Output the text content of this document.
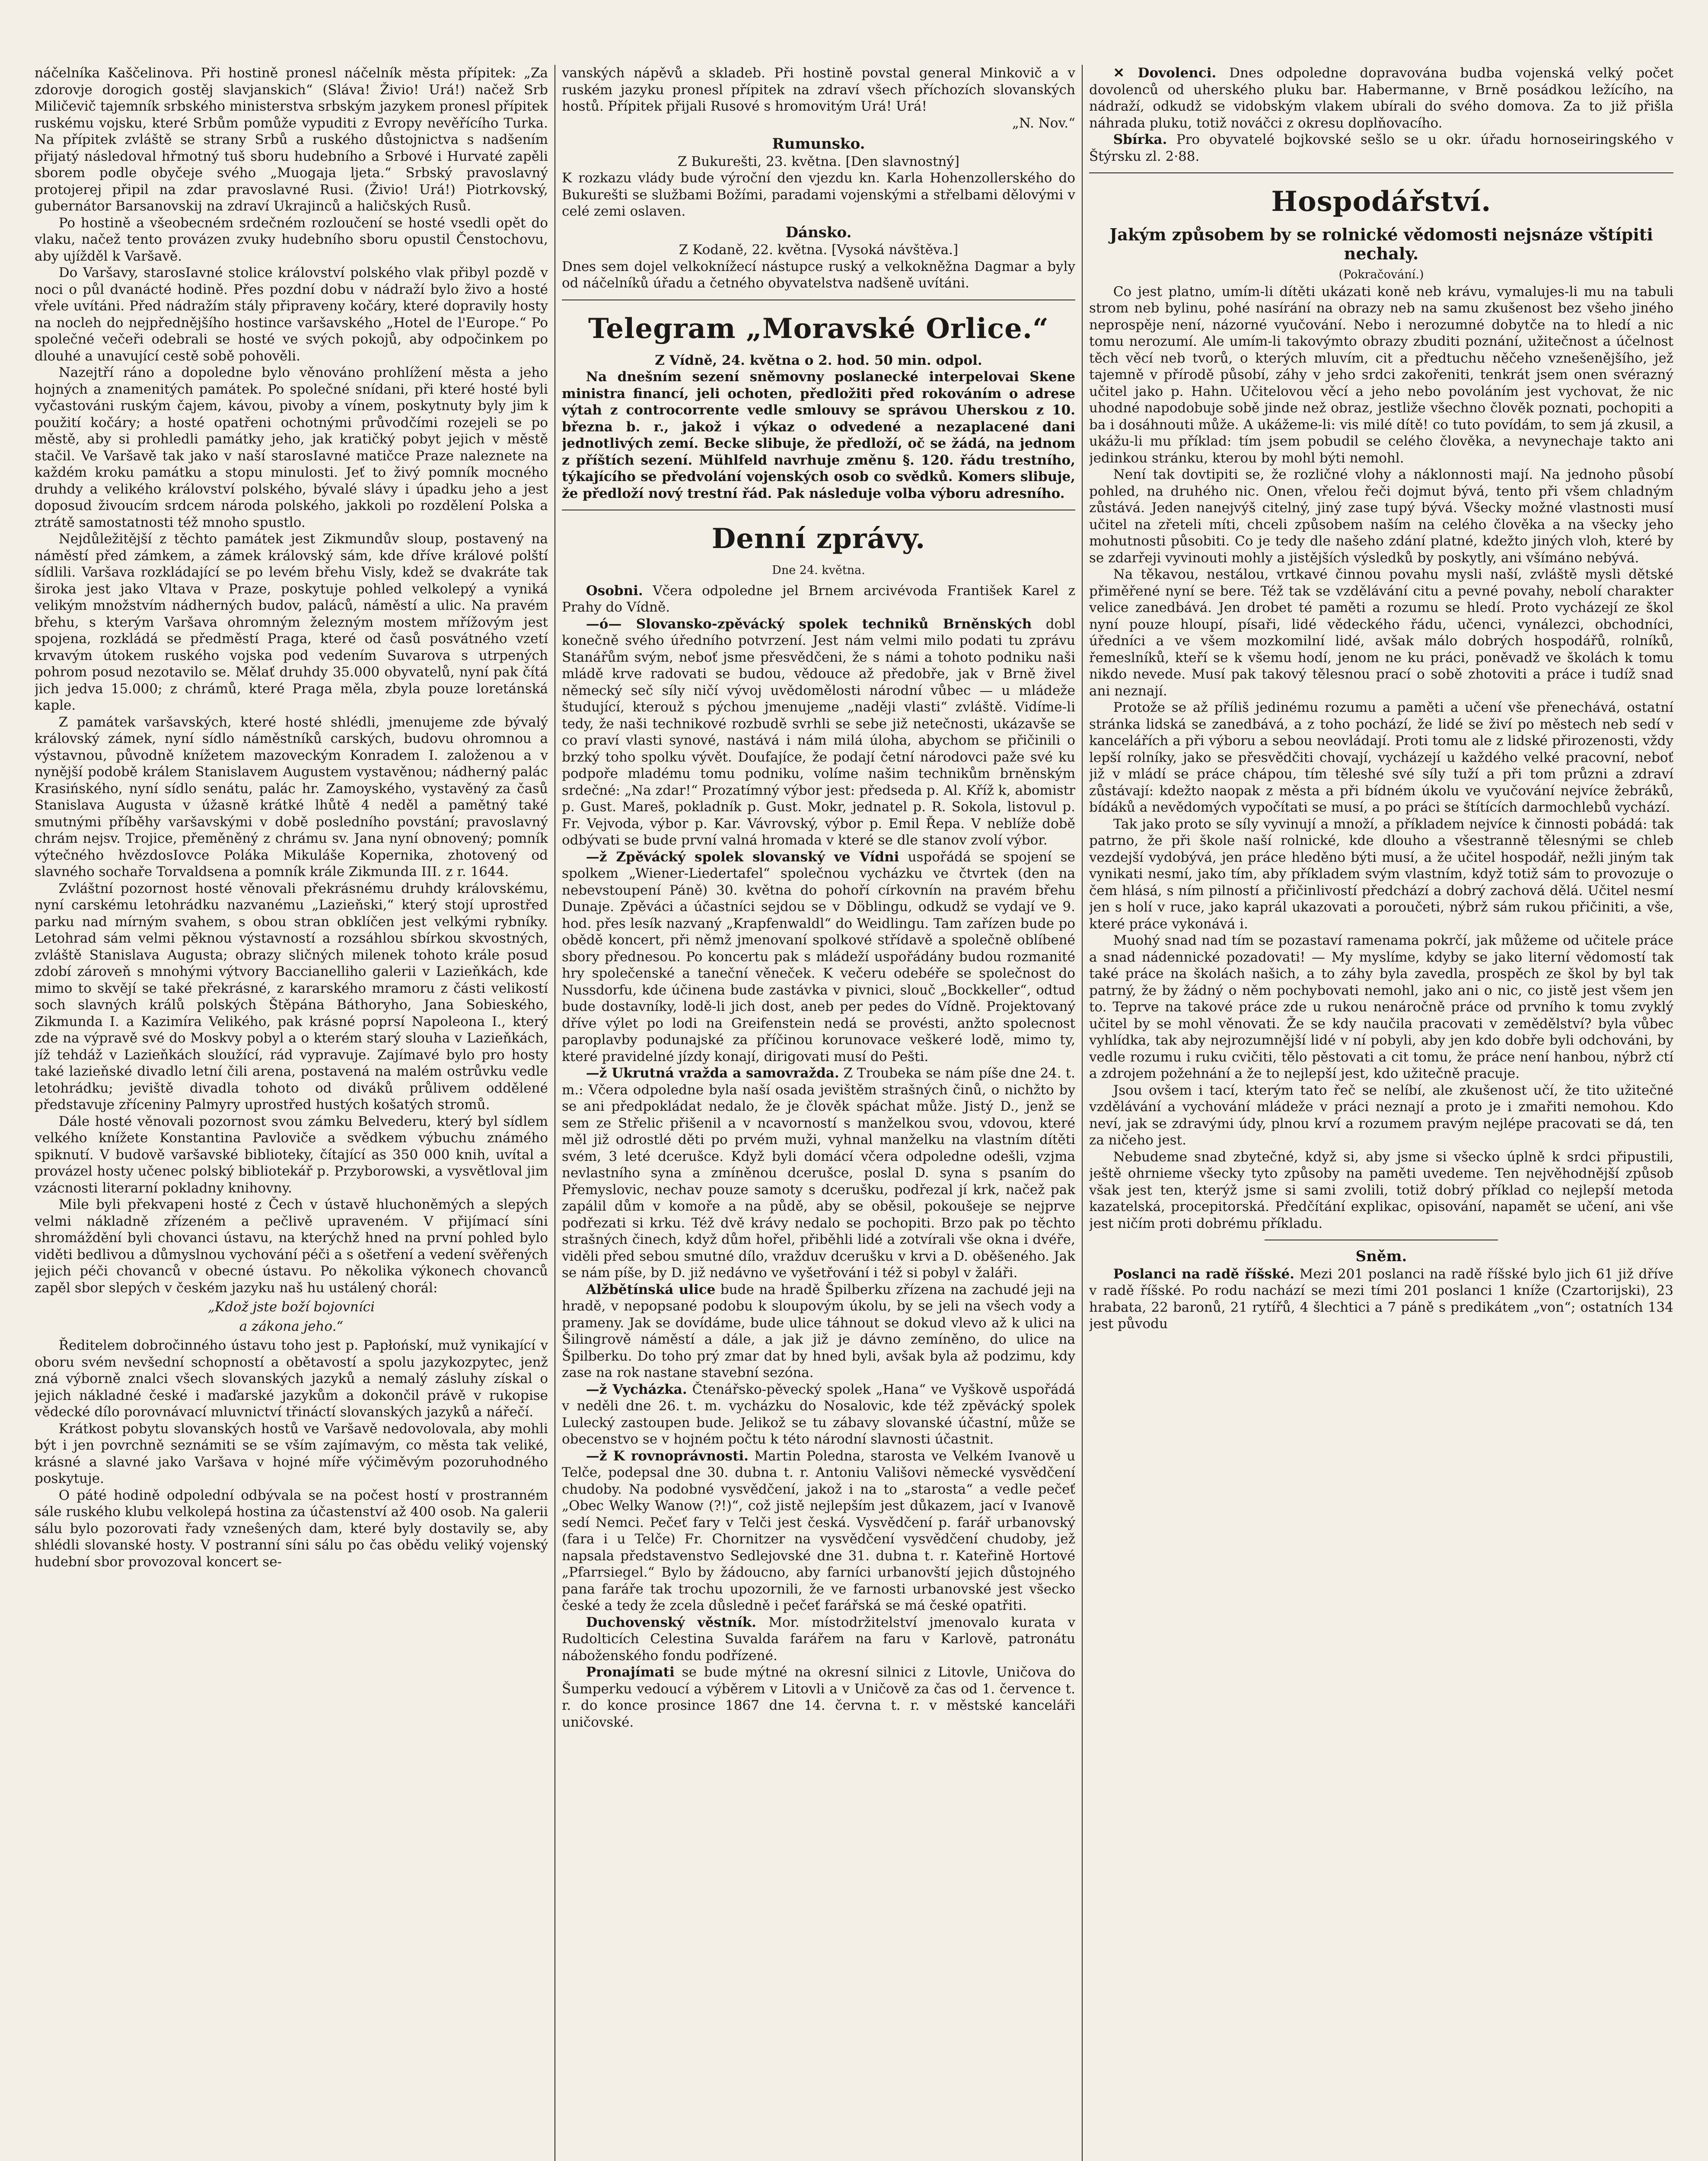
náčelníka Kaščelinova. Při hostině pronesl náčelník města přípitek: „Za zdorovje dorogich gostěj slavjanskich“ (Sláva! Živio! Urá!) načež Srb Miličevič tajemník srbského ministerstva srbským jazykem pronesl přípitek ruskému vojsku, které Srbům pomůže vypuditi z Evropy nevěřícího Turka. Na přípitek zvláště se strany Srbů a ruského důstojnictva s nadšením přijatý následoval hřmotný tuš sboru hudebního a Srbové i Hurvaté zapěli sborem podle obyčeje svého „Muogaja ljeta.“ Srbský pravoslavný protojerej připil na zdar pravoslavné Rusi. (Živio! Urá!) Piotrkovský, gubernátor Barsanovskij na zdraví Ukrajinců a haličských Rusů.

Po hostině a všeobecném srdečném rozloučení se hosté vsedli opět do vlaku, načež tento provázen zvuky hudebního sboru opustil Čenstochovu, aby ujížděl k Varšavě.

Do Varšavy, starosIavné stolice království polského vlak přibyl pozdě v noci o půl dvanácté hodině. Přes pozdní dobu v nádraží bylo živo a hosté vřele uvítáni. Před nádražím stály připraveny kočáry, které dopravily hosty na nocleh do nejpřednějšího hostince varšavského „Hotel de l'Europe.“ Po společné večeři odebrali se hosté ve svých pokojů, aby odpočinkem po dlouhé a unavující cestě sobě pohověli.

Nazejtří ráno a dopoledne bylo věnováno prohlížení města a jeho hojných a znamenitých památek. Po společné snídani, při které hosté byli vyčastováni ruským čajem, kávou, pivoby a vínem, poskytnuty byly jim k použití kočáry; a hosté opatřeni ochotnými průvodčími rozejeli se po městě, aby si prohledli památky jeho, jak kratičký pobyt jejich v městě stačil. Ve Varšavě tak jako v naší starosIavné matičce Praze naleznete na každém kroku památku a stopu minulosti. Jeť to živý pomník mocného druhdy a velikého království polského, bývalé slávy i úpadku jeho a jest doposud živoucím srdcem národa polského, jakkoli po rozdělení Polska a ztrátě samostatnosti též mnoho spustlo.

Nejdůležitější z těchto památek jest Zikmundův sloup, postavený na náměstí před zámkem, a zámek královský sám, kde dříve králové polští sídlili. Varšava rozkládající se po levém břehu Visly, kdež se dvakráte tak široka jest jako Vltava v Praze, poskytuje pohled velkolepý a vyniká velikým množstvím nádherných budov, paláců, náměstí a ulic. Na pravém břehu, s kterým Varšava ohromným železným mostem mřížovým jest spojena, rozkládá se předměstí Praga, které od časů posvátného vzetí krvavým útokem ruského vojska pod vedením Suvarova s utrpených pohrom posud nezotavilo se. Mělať druhdy 35.000 obyvatelů, nyní pak čítá jich jedva 15.000; z chrámů, které Praga měla, zbyla pouze loretánská kaple.

Z památek varšavských, které hosté shlédli, jmenujeme zde bývalý královský zámek, nyní sídlo náměstníků carských, budovu ohromnou a výstavnou, původně knížetem mazoveckým Konradem I. založenou a v nynější podobě králem Stanislavem Augustem vystavěnou; nádherný palác Krasińského, nyní sídlo senátu, palác hr. Zamoyského, vystavěný za časů Stanislava Augusta v úžasně krátké lhůtě 4 neděl a pamětný také smutnými příběhy varšavskými v době posledního povstání; pravoslavný chrám nejsv. Trojice, přeměněný z chrámu sv. Jana nyní obnovený; pomník výtečného hvězdosIovce Poláka Mikuláše Kopernika, zhotovený od slavného sochaře Torvaldsena a pomník krále Zikmunda III. z r. 1644.

Zvláštní pozornost hosté věnovali překrásnému druhdy královskému, nyní carskému letohrádku nazvanému „Lazieňski,“ který stojí uprostřed parku nad mírným svahem, s obou stran obklíčen jest velkými rybníky. Letohrad sám velmi pěknou výstavností a rozsáhlou sbírkou skvostných, zvláště Stanislava Augusta; obrazy sličných milenek tohoto krále posud zdobí zároveň s mnohými výtvory Baccianelliho galerii v Lazieňkách, kde mimo to skvějí se také překrásné, z kararského mramoru z části velikostí soch slavných králů polských Štěpána Báthoryho, Jana Sobieského, Zikmunda I. a Kazimíra Velikého, pak krásné poprsí Napoleona I., který zde na výpravě své do Moskvy pobyl a o kterém starý slouha v Lazieňkách, jíž tehdáž v Lazieňkách sloužící, rád vypravuje. Zajímavé bylo pro hosty také lazieňské divadlo letní čili arena, postavená na malém ostrůvku vedle letohrádku; jeviště divadla tohoto od diváků průlivem oddělené představuje zříceniny Palmyry uprostřed hustých košatých stromů.

Dále hosté věnovali pozornost svou zámku Belvederu, který byl sídlem velkého knížete Konstantina Pavloviče a svědkem výbuchu známého spiknutí. V budově varšavské biblioteky, čítající as 350 000 knih, uvítal a provázel hosty učenec polský bibliotekář p. Przyborowski, a vysvětloval jim vzácnosti literarní pokladny knihovny.

Mile byli překvapeni hosté z Čech v ústavě hluchoněmých a slepých velmi nákladně zřízeném a pečlivě upraveném. V přijímací síni shromáždění byli chovanci ústavu, na kterýchž hned na první pohled bylo viděti bedlivou a důmyslnou vychování péči a s ošetření a vedení svěřených jejich péči chovanců v obecné ústavu. Po několika výkonech chovanců zapěl sbor slepých v českém jazyku naš hu ustálený chorál:

„Kdož jste boží bojovníci
a zákona jeho.“

Ředitelem dobročinného ústavu toho jest p. Papłońskí, muž vynikající v oboru svém nevšední schopností a obětavostí a spolu jazykozpytec, jenž zná výborně znalci všech slovanských jazyků a nemalý zásluhy získal o jejich nákladné české i maďarské jazykům a dokončil právě v rukopise vědecké dílo porovnávací mluvnictví třináctí slovanských jazyků a nářečí.

Krátkost pobytu slovanských hostů ve Varšavě nedovolovala, aby mohli být i jen povrchně seznámiti se se vším zajímavým, co města tak veliké, krásné a slavné jako Varšava v hojné míře výčiměvým pozoruhodného poskytuje.

O páté hodině odpolední odbývala se na počest hostí v prostranném sále ruského klubu velkolepá hostina za účastenství až 400 osob. Na galerii sálu bylo pozorovati řady vzneŝených dam, které byly dostavily se, aby shlédli slovanské hosty. V postranní síni sálu po čas obědu veliký vojenský hudební sbor provozoval koncert se-

vanských nápěvů a skladeb. Při hostině povstal general Minkovič a v ruském jazyku pronesl přípitek na zdraví všech příchozích slovanských hostů. Přípitek přijali Rusové s hromovitým Urá! Urá!

„N. Nov.“
Rumunsko.
Z Bukurešti, 23. května. [Den slavnostný]

K rozkazu vlády bude výroční den vjezdu kn. Karla Hohenzollerského do Bukurešti se službami Božími, paradami vojenskými a střelbami dělovými v celé zemi oslaven.

Dánsko.
Z Kodaně, 22. května. [Vysoká návštěva.]

Dnes sem dojel velkoknížecí nástupce ruský a velkokněžna Dagmar a byly od náčelníků úřadu a četného obyvatelstva nadšeně uvítáni.

Telegram „Moravské Orlice.“
Z Vídně, 24. května o 2. hod. 50 min. odpol.

Na dnešním sezení sněmovny poslanecké interpelovai Skene ministra financí, jeli ochoten, předložiti před rokováním o adrese výtah z controcorrente vedle smlouvy se správou Uherskou z 10. března b. r., jakož i výkaz o odvedené a nezaplacené dani jednotlivých zemí. Becke slibuje, že předloží, oč se žádá, na jednom z příštích sezení. Mühlfeld navrhuje změnu §. 120. řádu trestního, týkajícího se předvolání vojenských osob co svědků. Komers slibuje, že předloží nový trestní řád. Pak následuje volba výboru adresního.

Denní zprávy.
Dne 24. května.

Osobni. Včera odpoledne jel Brnem arcivévoda František Karel z Prahy do Vídně.

—ó— Slovansko-zpěvácký spolek techniků Brněnských dobl konečně svého úředního potvrzení. Jest nám velmi milo podati tu zprávu Stanářům svým, neboť jsme přesvědčeni, že s námi a tohoto podniku naši mládě krve radovati se budou, vědouce až předobře, jak v Brně živel německý seč síly ničí vývoj uvědomělosti národní vůbec — u mládeže študující, kterouž s pýchou jmenujeme „naději vlasti“ zvláště. Vidíme-li tedy, že naši technikové rozbudě svrhli se sebe již netečnosti, ukázavše se co praví vlasti synové, nastává i nám milá úloha, abychom se přičinili o brzký toho spolku vývět. Doufajíce, že podají četní národovci paže své ku podpoře mladému tomu podniku, volíme našim technikům brněnským srdečné: „Na zdar!“ Prozatímný výbor jest: předseda p. Al. Kříž k, abomistr p. Gust. Mareš, pokladník p. Gust. Mokr, jednatel p. R. Sokola, listovul p. Fr. Vejvoda, výbor p. Kar. Vávrovský, výbor p. Emil Řepa. V neblíže době odbývati se bude první valná hromada v které se dle stanov zvolí výbor.

—ž Zpěvácký spolek slovanský ve Vídni uspořádá se spojení se spolkem „Wiener-Liedertafel“ společnou vycházku ve čtvrtek (den na nebevstoupení Páně) 30. května do pohoří církovnín na pravém břehu Dunaje. Zpěváci a účastníci sejdou se v Döblingu, odkudž se vydají ve 9. hod. přes lesík nazvaný „Krapfenwaldl“ do Weidlingu. Tam zařízen bude po obědě koncert, při němž jmenovaní spolkové střídavě a společně oblíbené sbory přednesou. Po koncertu pak s mládeží uspořádány budou rozmanité hry společenské a taneční věneček. K večeru odebéře se společnost do Nussdorfu, kde účinena bude zastávka v pivnici, slouč „Bockkeller“, odtud bude dostavníky, lodě-li jich dost, aneb per pedes do Vídně. Projektovaný dříve výlet po lodi na Greifenstein nedá se provésti, anžto spolecnost paroplavby podunajské za příčinou korunovace veškeré lodě, mimo ty, které pravidelné jízdy konají, dirigovati musí do Pešti.

—ž Ukrutná vražda a samovražda. Z Troubeka se nám píše dne 24. t. m.: Včera odpoledne byla naší osada jevištěm strašných činů, o nichžto by se ani předpokládat nedalo, že je člověk spáchat může. Jistý D., jenž se sem ze Střelic přišenil a v ncavorností s manželkou svou, vdovou, které měl již odrostlé děti po prvém muži, vyhnal manželku na vlastním dítěti svém, 3 leté dcerušce. Když byli domácí včera odpoledne odešli, vzjma nevlastního syna a zmíněnou dcerušce, poslal D. syna s psaním do Přemyslovic, nechav pouze samoty s dcerušku, podřezal jí krk, načež pak zapálil dům v komoře a na půdě, aby se oběsil, pokoušeje se nejprve podřezati si krku. Též dvě krávy nedalo se pochopiti. Brzo pak po těchto strašných činech, když dům hořel, přiběhli lidé a zotvírali vše okna i dvéře, viděli před sebou smutné dílo, vražduv dcerušku v krvi a D. oběšeného. Jak se nám píše, by D. již nedávno ve vyšetřování i též si pobyl v žaláři.

Alžbětínská ulice bude na hradě Špilberku zřízena na zachudé jeji na hradě, v nepopsané podobu k sloupovým úkolu, by se jeli na všech vody a prameny. Jak se dovídáme, bude ulice táhnout se dokud vlevo až k ulici na Šilingrově náměstí a dále, a jak již je dávno zemíněno, do ulice na Špilberku. Do toho prý zmar dat by hned byli, avšak byla až podzimu, kdy zase na rok nastane stavební sezóna.

—ž Vycházka. Čtenářsko-pěvecký spolek „Hana“ ve Vyškově uspořádá v neděli dne 26. t. m. vycházku do Nosalovic, kde též zpěvácký spolek Lulecký zastoupen bude. Jelikož se tu zábavy slovanské účastní, může se obecenstvo se v hojném počtu k této národní slavnosti účastnit.

—ž K rovnoprávnosti. Martin Poledna, starosta ve Velkém Ivanově u Telče, podepsal dne 30. dubna t. r. Antoniu Vališovi německé vysvědčení chudoby. Na podobné vysvědčení, jakož i na to „starosta“ a vedle pečeť „Obec Welky Wanow (?!)“, což jistě nejlepším jest důkazem, jací v Ivanově sedí Nemci. Pečeť fary v Telči jest česká. Vysvědčení p. farář urbanovský (fara i u Telče) Fr. Chornitzer na vysvědčení vysvědčení chudoby, jež napsala představenstvo Sedlejovské dne 31. dubna t. r. Kateřině Hortové „Pfarrsiegel.“ Bylo by žádoucno, aby farníci urbanovští jejich důstojného pana faráře tak trochu upozornili, že ve farnosti urbanovské jest všecko české a tedy že zcela důsledně i pečeť farářská se má české opatřiti.

Duchovenský věstník. Mor. místodržitelství jmenovalo kurata v Rudolticích Celestina Suvalda farářem na faru v Karlově, patronátu náboženského fondu podřízené.

Pronajímati se bude mýtné na okresní silnici z Litovle, Uničova do Šumperku vedoucí a výběrem v Litovli a v Uničově za čas od 1. července t. r. do konce prosince 1867 dne 14. června t. r. v městské kanceláři uničovské.

✕ Dovolenci. Dnes odpoledne dopravována budba vojenská velký počet dovolenců od uherského pluku bar. Habermanne, v Brně posádkou ležícího, na nádraží, odkudž se vidobským vlakem ubírali do svého domova. Za to již přišla náhrada pluku, totiž nováčci z okresu doplňovacího.

Sbírka. Pro obyvatelé bojkovské sešlo se u okr. úřadu hornoseiringského v Štýrsku zl. 2·88.

Hospodářství.
Jakým způsobem by se rolnické vědomosti nejsnáze vštípiti nechaly.
(Pokračování.)

Co jest platno, umím-li dítěti ukázati koně neb krávu, vymalujes-li mu na tabuli strom neb bylinu, pohé nasírání na obrazy neb na samu zkušenost bez všeho jiného neprospěje není, názorné vyučování. Nebo i nerozumné dobytče na to hledí a nic tomu nerozumí. Ale umím-li takovýmto obrazy zbuditi poznání, užitečnost a účelnost těch věcí neb tvorů, o kterých mluvím, cit a předtuchu něčeho vznešenějšího, jež tajemně v přírodě působí, záhy v jeho srdci zakořeniti, tenkrát jsem onen svérazný učitel jako p. Hahn. Učitelovou věcí a jeho nebo povoláním jest vychovat, že nic uhodné napodobuje sobě jinde než obraz, jestliže všechno člověk poznati, pochopiti a ba i dosáhnouti může. A ukážeme-li: vis milé dítě! co tuto povídám, to sem já zkusil, a ukážu-li mu příklad: tím jsem pobudil se celého člověka, a nevynechaje takto ani jedinkou stránku, kterou by mohl býti nemohl.

Není tak dovtipiti se, že rozličné vlohy a náklonnosti mají. Na jednoho působí pohled, na druhého nic. Onen, vřelou řeči dojmut bývá, tento při všem chladným zůstává. Jeden nanejvýš citelný, jiný zase tupý bývá. Všecky možné vlastnosti musí učitel na zřeteli míti, chceli způsobem naším na celého člověka a na všecky jeho mohutnosti působiti. Co je tedy dle našeho zdání platné, kdežto jiných vloh, které by se zdarřeji vyvinouti mohly a jistějších výsledků by poskytly, ani všímáno nebývá.

Na těkavou, nestálou, vrtkavé činnou povahu mysli naší, zvláště mysli dětské přiměřené nyní se bere. Též tak se vzdělávání citu a pevné povahy, nebolí charakter velice zanedbává. Jen drobet té paměti a rozumu se hledí. Proto vycházejí ze škol nyní pouze hloupí, písaři, lidé vědeckého řádu, učenci, vynálezci, obchodníci, úředníci a ve všem mozkomilní lidé, avšak málo dobrých hospodářů, rolníků, řemeslníků, kteří se k všemu hodí, jenom ne ku práci, poněvadž ve školách k tomu nikdo nevede. Musí pak takový tělesnou prací o sobě zhotoviti a práce i tudíž snad ani neznají.

Protože se až příliš jedinému rozumu a paměti a učení vše přenechává, ostatní stránka lidská se zanedbává, a z toho pochází, že lidé se živí po městech neb sedí v kancelářích a při výboru a sebou neovládají. Proti tomu ale z lidské přirozenosti, vždy lepší rolníky, jako se přesvědčiti chovají, vycházejí u každého velké pracovní, neboť již v mládí se práce chápou, tím těleshé své síly tuží a při tom průzni a zdraví zůstávají: kdežto naopak z města a při bídném úkolu ve vyučování nejvíce žebráků, bídáků a nevědomých vypočítati se musí, a po práci se štítících darmochlebů vychází.

Tak jako proto se síly vyvinují a množí, a příkladem nejvíce k činnosti pobádá: tak patrno, že při škole naší rolnické, kde dlouho a všestranně tělesnými se chleb vezdejší vydobývá, jen práce hleděno býti musí, a že učitel hospodář, nežli jiným tak vynikati nesmí, jako tím, aby příkladem svým vlastním, když totiž sám to provozuje o čem hlásá, s ním pilností a přičinlivostí předchází a dobrý zachová dělá. Učitel nesmí jen s holí v ruce, jako kaprál ukazovati a poroučeti, nýbrž sám rukou přičiniti, a vše, které práce vykonává i.

Muohý snad nad tím se pozastaví ramenama pokrčí, jak můžeme od učitele práce a snad nádennické pozadovati! — My myslíme, kdyby se jako literní vědomostí tak také práce na školách našich, a to záhy byla zavedla, prospěch ze škol by byl tak patrný, že by žádný o něm pochybovati nemohl, jako ani o nic, co jistě jest všem jen to. Teprve na takové práce zde u rukou nenáročně práce od prvního k tomu zvyklý učitel by se mohl věnovati. Že se kdy naučila pracovati v zemědělství? byla vůbec vyhlídka, tak aby nejrozumnější lidé v ní pobyli, aby jen kdo dobře byli odchováni, by vedle rozumu i ruku cvičiti, tělo pěstovati a cit tomu, že práce není hanbou, nýbrž ctí a zdrojem požehnání a že to nejlepší jest, kdo užitečně pracuje.

Jsou ovšem i tací, kterým tato řeč se nelíbí, ale zkušenost učí, že tito užitečné vzdělávání a vychování mládeže v práci neznají a proto je i zmařiti nemohou. Kdo neví, jak se zdravými údy, plnou krví a rozumem pravým nejlépe pracovati se dá, ten za ničeho jest.

Nebudeme snad zbytečné, když si, aby jsme si všecko úplně k srdci připustili, ještě ohrnieme všecky tyto způsoby na paměti uvedeme. Ten nejvěhodnější způsob však jest ten, kterýž jsme si sami zvolili, totiž dobrý příklad co nejlepší metoda kazatelská, procepitorská. Předčítání explikac, opisování, napamět se učení, ani vše jest ničím proti dobrému příkladu.

Sněm.

Poslanci na radě říšské. Mezi 201 poslanci na radě říšské bylo jich 61 již dříve v radě říšské. Po rodu nachází se mezi tími 201 poslanci 1 kníže (Czartorijski), 23 hrabata, 22 baronů, 21 rytířů, 4 šlechtici a 7 páně s predikátem „von“; ostatních 134 jest původu
